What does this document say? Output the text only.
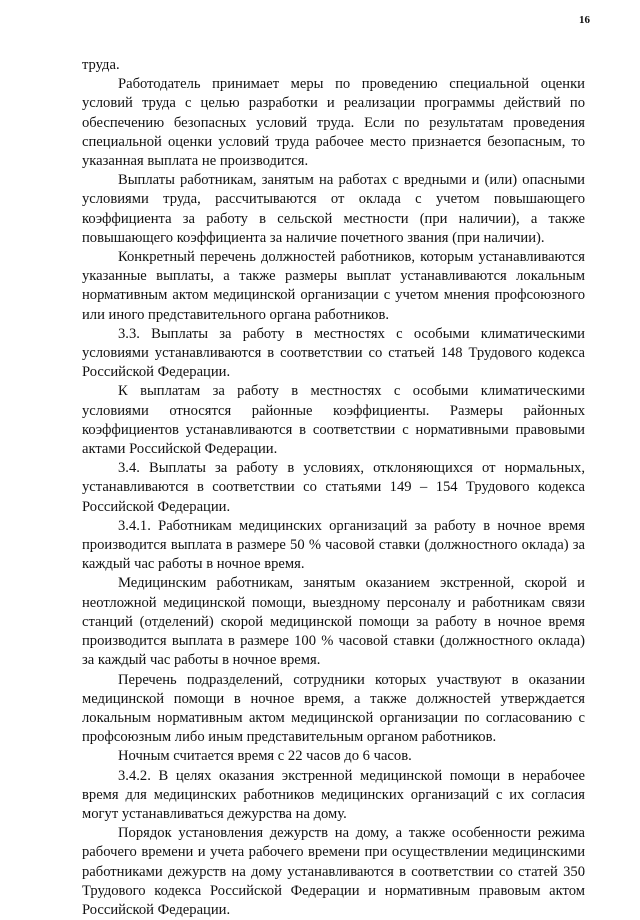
16

труда.

Работодатель принимает меры по проведению специальной оценки условий труда с целью разработки и реализации программы действий по обеспечению безопасных условий труда. Если по результатам проведения специальной оценки условий труда рабочее место признается безопасным, то указанная выплата не производится.

Выплаты работникам, занятым на работах с вредными и (или) опасными условиями труда, рассчитываются от оклада с учетом повышающего коэффициента за работу в сельской местности (при наличии), а также повышающего коэффициента за наличие почетного звания (при наличии).

Конкретный перечень должностей работников, которым устанавливаются указанные выплаты, а также размеры выплат устанавливаются локальным нормативным актом медицинской организации с учетом мнения профсоюзного или иного представительного органа работников.

3.3. Выплаты за работу в местностях с особыми климатическими условиями устанавливаются в соответствии со статьей 148 Трудового кодекса Российской Федерации.

К выплатам за работу в местностях с особыми климатическими условиями относятся районные коэффициенты. Размеры районных коэффициентов устанавливаются в соответствии с нормативными правовыми актами Российской Федерации.

3.4. Выплаты за работу в условиях, отклоняющихся от нормальных, устанавливаются в соответствии со статьями 149 – 154 Трудового кодекса Российской Федерации.

3.4.1. Работникам медицинских организаций за работу в ночное время производится выплата в размере 50 % часовой ставки (должностного оклада) за каждый час работы в ночное время.

Медицинским работникам, занятым оказанием экстренной, скорой и неотложной медицинской помощи, выездному персоналу и работникам связи станций (отделений) скорой медицинской помощи за работу в ночное время производится выплата в размере 100 % часовой ставки (должностного оклада) за каждый час работы в ночное время.

Перечень подразделений, сотрудники которых участвуют в оказании медицинской помощи в ночное время, а также должностей утверждается локальным нормативным актом медицинской организации по согласованию с профсоюзным либо иным представительным органом работников.

Ночным считается время с 22 часов до 6 часов.

3.4.2. В целях оказания экстренной медицинской помощи в нерабочее время для медицинских работников медицинских организаций с их согласия могут устанавливаться дежурства на дому.

Порядок установления дежурств на дому, а также особенности режима рабочего времени и учета рабочего времени при осуществлении медицинскими работниками дежурств на дому устанавливаются в соответствии со статей 350 Трудового кодекса Российской Федерации и нормативным правовым актом Российской Федерации.
